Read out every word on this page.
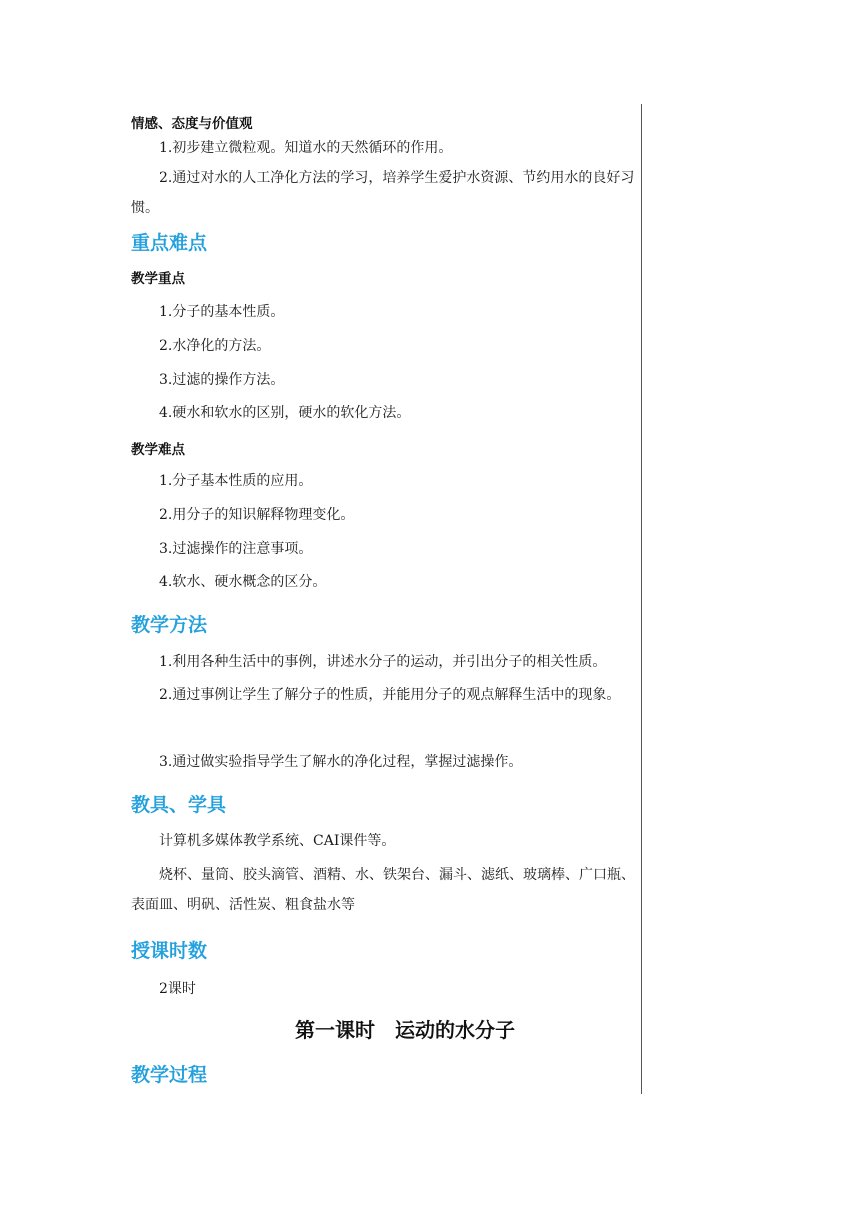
情感、态度与价值观
1.初步建立微粒观。知道水的天然循环的作用。
2.通过对水的人工净化方法的学习，培养学生爱护水资源、节约用水的良好习惯。
重点难点
教学重点
1.分子的基本性质。
2.水净化的方法。
3.过滤的操作方法。
4.硬水和软水的区别，硬水的软化方法。
教学难点
1.分子基本性质的应用。
2.用分子的知识解释物理变化。
3.过滤操作的注意事项。
4.软水、硬水概念的区分。
教学方法
1.利用各种生活中的事例，讲述水分子的运动，并引出分子的相关性质。
2.通过事例让学生了解分子的性质，并能用分子的观点解释生活中的现象。
3.通过做实验指导学生了解水的净化过程，掌握过滤操作。
教具、学具
计算机多媒体教学系统、CAI课件等。
烧杯、量筒、胶头滴管、酒精、水、铁架台、漏斗、滤纸、玻璃棒、广口瓶、表面皿、明矾、活性炭、粗食盐水等
授课时数
2课时
第一课时 运动的水分子
教学过程
